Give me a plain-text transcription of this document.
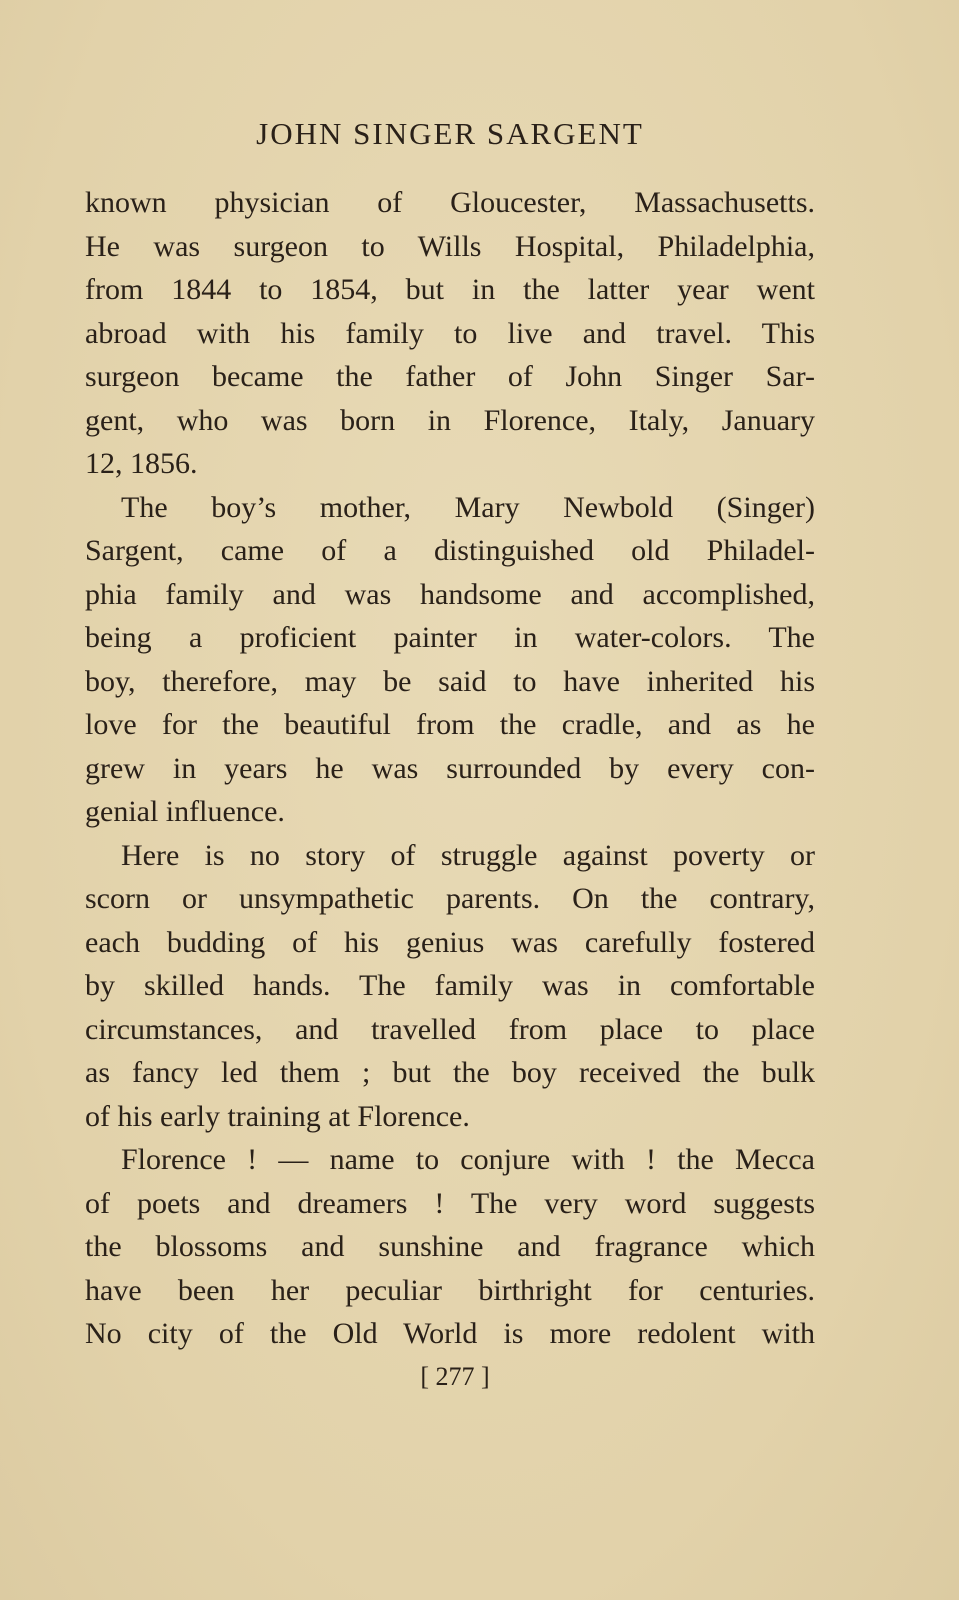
JOHN SINGER SARGENT
known physician of Gloucester, Massachusetts.
He was surgeon to Wills Hospital, Philadelphia,
from 1844 to 1854, but in the latter year went
abroad with his family to live and travel. This
surgeon became the father of John Singer Sar-
gent, who was born in Florence, Italy, January
12, 1856.
The boy’s mother, Mary Newbold (Singer)
Sargent, came of a distinguished old Philadel-
phia family and was handsome and accomplished,
being a proficient painter in water-colors. The
boy, therefore, may be said to have inherited his
love for the beautiful from the cradle, and as he
grew in years he was surrounded by every con-
genial influence.
Here is no story of struggle against poverty or
scorn or unsympathetic parents. On the contrary,
each budding of his genius was carefully fostered
by skilled hands. The family was in comfortable
circumstances, and travelled from place to place
as fancy led them ; but the boy received the bulk
of his early training at Florence.
Florence ! — name to conjure with ! the Mecca
of poets and dreamers ! The very word suggests
the blossoms and sunshine and fragrance which
have been her peculiar birthright for centuries.
No city of the Old World is more redolent with
[ 277 ]
